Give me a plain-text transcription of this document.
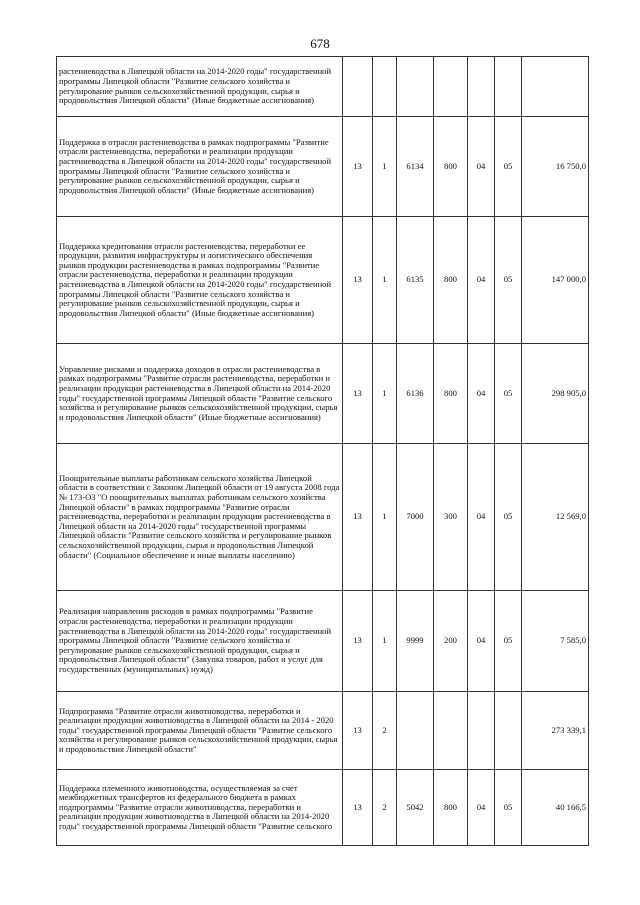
678
растениеводства в Липецкой области на 2014-2020 годы" государственной программы Липецкой области "Развитие сельского хозяйства и регулирование рынков сельскохозяйственной продукции, сырья и продовольствия Липецкой области" (Иные бюджетные ассигнования)							
Поддержка в отрасли растениеводства в рамках подпрограммы "Развитие отрасли растениеводства, переработки и реализации продукции растениеводства в Липецкой области на 2014-2020 годы" государственной программы Липецкой области "Развитие сельского хозяйства и регулирование рынков сельскохозяйственной продукции, сырья и продовольствия Липецкой области" (Иные бюджетные ассигнования)	13	1	6134	800	04	05	16 750,0
Поддержка кредитования отрасли растениеводства, переработки ее продукции, развития инфраструктуры и логистического обеспечения рынков продукции растениеводства в рамках подпрограммы "Развитие отрасли растениеводства, переработки и реализации продукции растениеводства в Липецкой области на 2014-2020 годы" государственной программы Липецкой области "Развитие сельского хозяйства и регулирование рынков сельскохозяйственной продукции, сырья и продовольствия Липецкой области" (Иные бюджетные ассигнования)	13	1	6135	800	04	05	147 000,0
Управление рисками и поддержка доходов в отрасли растениеводства в рамках подпрограммы "Развитие отрасли растениеводства, переработки и реализации продукции растениеводства в Липецкой области на 2014-2020 годы" государственной программы Липецкой области "Развитие сельского хозяйства и регулирование рынков сельскохозяйственной продукции, сырья и продовольствия Липецкой области" (Иные бюджетные ассигнования)	13	1	6136	800	04	05	298 905,0
Поощрительные выплаты работникам сельского хозяйства Липецкой области в соответствии с Законом Липецкой области от 19 августа 2008 года № 173-ОЗ "О поощрительных выплатах работникам сельского хозяйства Липецкой области" в рамках подпрограммы "Развитие отрасли растениеводства, переработки и реализации продукции растениеводства в Липецкой области на 2014-2020 годы" государственной программы Липецкой области "Развитие сельского хозяйства и регулирование рынков сельскохозяйственной продукции, сырья и продовольствия Липецкой области" (Социальное обеспечение и иные выплаты населению)	13	1	7000	300	04	05	12 569,0
Реализация направления расходов в рамках подпрограммы "Развитие отрасли растениеводства, переработки и реализации продукции растениеводства в Липецкой области на 2014-2020 годы" государственной программы Липецкой области "Развитие сельского хозяйства и регулирование рынков сельскохозяйственной продукции, сырья и продовольствия Липецкой области" (Закупка товаров, работ и услуг для государственных (муниципальных) нужд)	13	1	9999	200	04	05	7 585,0
Подпрограмма "Развитие отрасли животноводства, переработки и реализации продукции животноводства в Липецкой области на 2014 - 2020 годы" государственной программы Липецкой области "Развитие сельского хозяйства и регулирование рынков сельскохозяйственной продукции, сырья и продовольствия Липецкой области"	13	2					273 339,1
Поддержка племенного животноводства, осуществляемая за счет межбюджетных трансфертов из федерального бюджета в рамках подпрограммы "Развитие отрасли животноводства, переработки и реализации продукции животноводства в Липецкой области на 2014-2020 годы" государственной программы Липецкой области "Развитие сельского	13	2	5042	800	04	05	40 166,5
